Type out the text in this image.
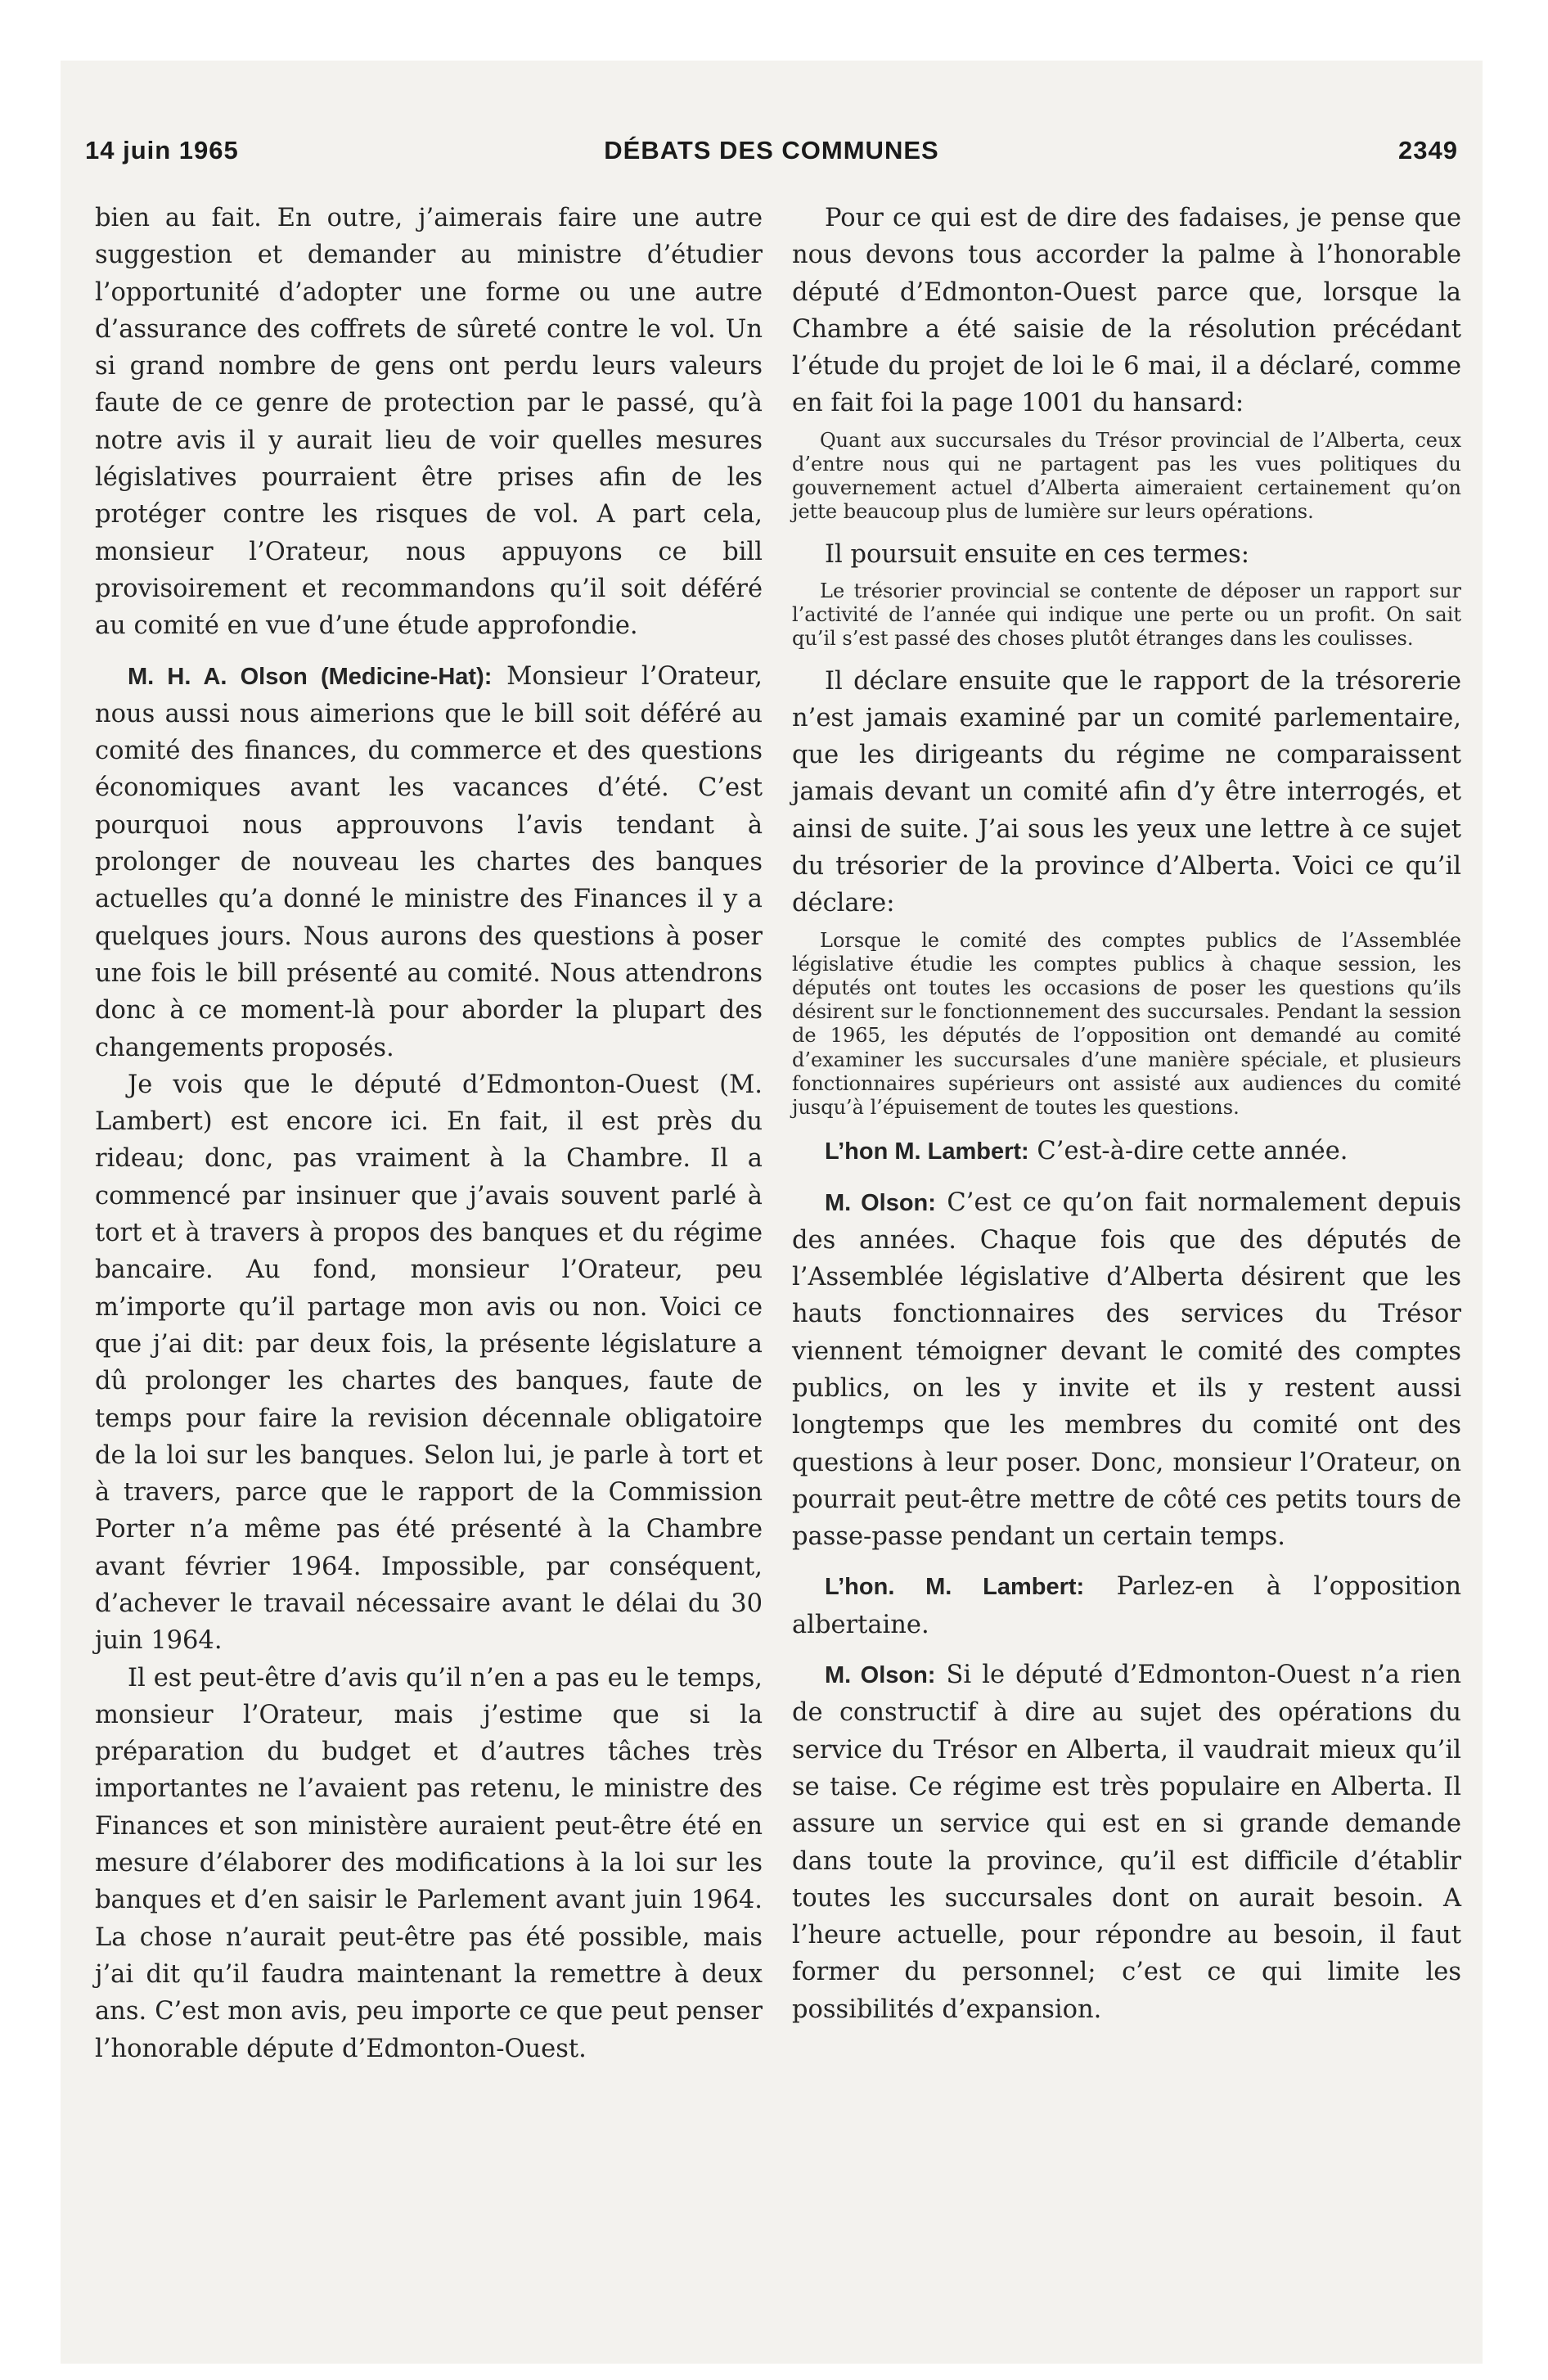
14 juin 1965	DÉBATS DES COMMUNES	2349

bien au fait. En outre, j’aimerais faire une autre suggestion et demander au ministre d’étudier l’opportunité d’adopter une forme ou une autre d’assurance des coffrets de sûreté contre le vol. Un si grand nombre de gens ont perdu leurs valeurs faute de ce genre de protection par le passé, qu’à notre avis il y aurait lieu de voir quelles mesures législatives pourraient être prises afin de les protéger contre les risques de vol. A part cela, monsieur l’Orateur, nous appuyons ce bill provisoirement et recommandons qu’il soit déféré au comité en vue d’une étude approfondie.

M. H. A. Olson (Medicine-Hat): Monsieur l’Orateur, nous aussi nous aimerions que le bill soit déféré au comité des finances, du commerce et des questions économiques avant les vacances d’été. C’est pourquoi nous approuvons l’avis tendant à prolonger de nouveau les chartes des banques actuelles qu’a donné le ministre des Finances il y a quelques jours. Nous aurons des questions à poser une fois le bill présenté au comité. Nous attendrons donc à ce moment-là pour aborder la plupart des changements proposés.

Je vois que le député d’Edmonton-Ouest (M. Lambert) est encore ici. En fait, il est près du rideau; donc, pas vraiment à la Chambre. Il a commencé par insinuer que j’avais souvent parlé à tort et à travers à propos des banques et du régime bancaire. Au fond, monsieur l’Orateur, peu m’importe qu’il partage mon avis ou non. Voici ce que j’ai dit: par deux fois, la présente législature a dû prolonger les chartes des banques, faute de temps pour faire la revision décennale obligatoire de la loi sur les banques. Selon lui, je parle à tort et à travers, parce que le rapport de la Commission Porter n’a même pas été présenté à la Chambre avant février 1964. Impossible, par conséquent, d’achever le travail nécessaire avant le délai du 30 juin 1964.

Il est peut-être d’avis qu’il n’en a pas eu le temps, monsieur l’Orateur, mais j’estime que si la préparation du budget et d’autres tâches très importantes ne l’avaient pas retenu, le ministre des Finances et son ministère auraient peut-être été en mesure d’élaborer des modifications à la loi sur les banques et d’en saisir le Parlement avant juin 1964. La chose n’aurait peut-être pas été possible, mais j’ai dit qu’il faudra maintenant la remettre à deux ans. C’est mon avis, peu importe ce que peut penser l’honorable députe d’Edmonton-Ouest.

Pour ce qui est de dire des fadaises, je pense que nous devons tous accorder la palme à l’honorable député d’Edmonton-Ouest parce que, lorsque la Chambre a été saisie de la résolution précédant l’étude du projet de loi le 6 mai, il a déclaré, comme en fait foi la page 1001 du hansard:

Quant aux succursales du Trésor provincial de l’Alberta, ceux d’entre nous qui ne partagent pas les vues politiques du gouvernement actuel d’Alberta aimeraient certainement qu’on jette beaucoup plus de lumière sur leurs opérations.

Il poursuit ensuite en ces termes:

Le trésorier provincial se contente de déposer un rapport sur l’activité de l’année qui indique une perte ou un profit. On sait qu’il s’est passé des choses plutôt étranges dans les coulisses.

Il déclare ensuite que le rapport de la trésorerie n’est jamais examiné par un comité parlementaire, que les dirigeants du régime ne comparaissent jamais devant un comité afin d’y être interrogés, et ainsi de suite. J’ai sous les yeux une lettre à ce sujet du trésorier de la province d’Alberta. Voici ce qu’il déclare:

Lorsque le comité des comptes publics de l’Assemblée législative étudie les comptes publics à chaque session, les députés ont toutes les occasions de poser les questions qu’ils désirent sur le fonctionnement des succursales. Pendant la session de 1965, les députés de l’opposition ont demandé au comité d’examiner les succursales d’une manière spéciale, et plusieurs fonctionnaires supérieurs ont assisté aux audiences du comité jusqu’à l’épuisement de toutes les questions.

L’hon M. Lambert: C’est-à-dire cette année.

M. Olson: C’est ce qu’on fait normalement depuis des années. Chaque fois que des députés de l’Assemblée législative d’Alberta désirent que les hauts fonctionnaires des services du Trésor viennent témoigner devant le comité des comptes publics, on les y invite et ils y restent aussi longtemps que les membres du comité ont des questions à leur poser. Donc, monsieur l’Orateur, on pourrait peut-être mettre de côté ces petits tours de passe-passe pendant un certain temps.

L’hon. M. Lambert: Parlez-en à l’opposition albertaine.

M. Olson: Si le député d’Edmonton-Ouest n’a rien de constructif à dire au sujet des opérations du service du Trésor en Alberta, il vaudrait mieux qu’il se taise. Ce régime est très populaire en Alberta. Il assure un service qui est en si grande demande dans toute la province, qu’il est difficile d’établir toutes les succursales dont on aurait besoin. A l’heure actuelle, pour répondre au besoin, il faut former du personnel; c’est ce qui limite les possibilités d’expansion.
